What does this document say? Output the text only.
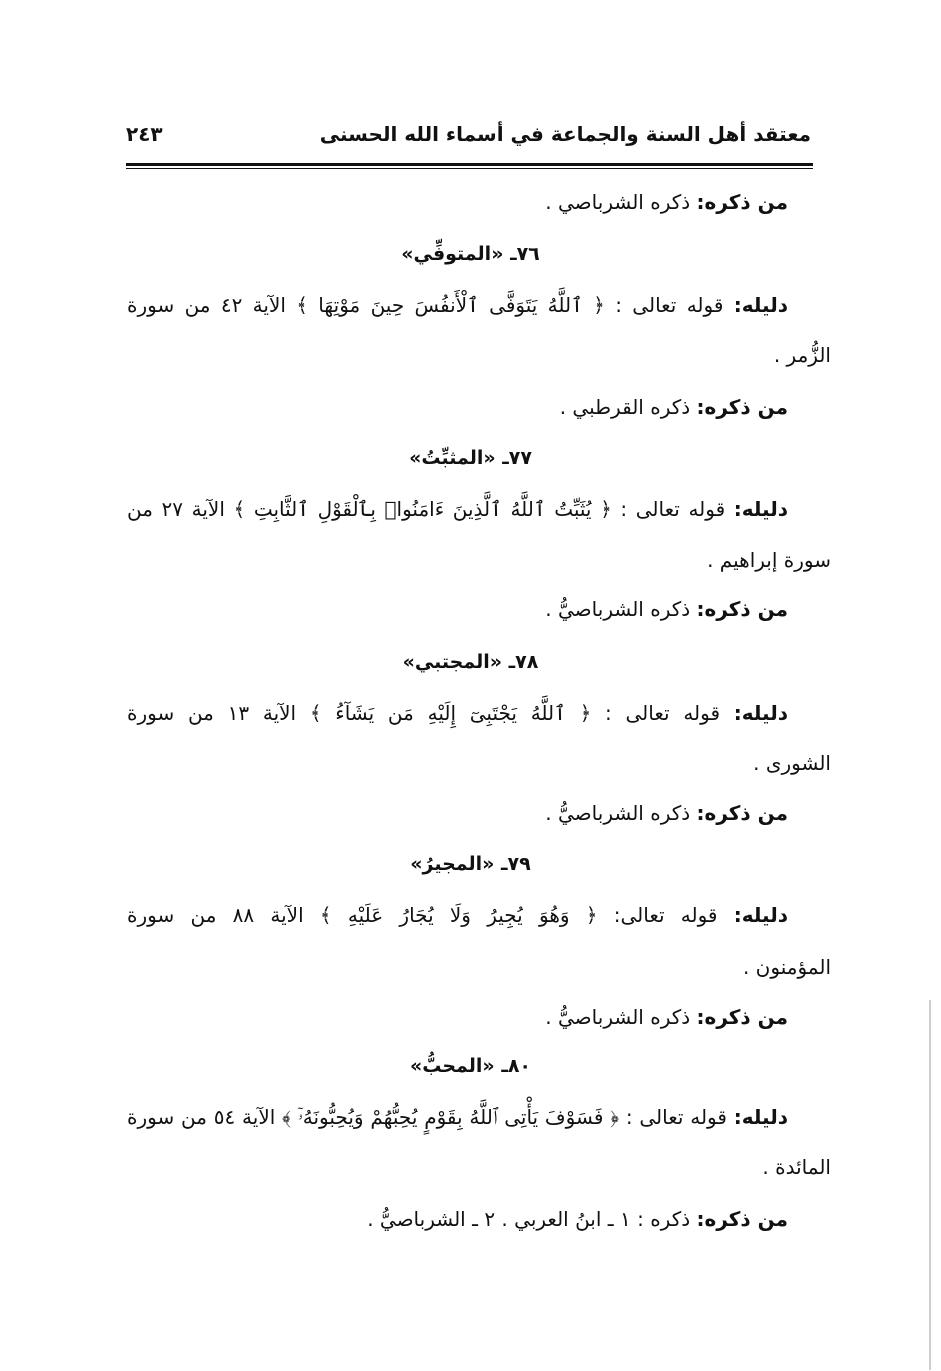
معتقد أهل السنة والجماعة في أسماء الله الحسنى
٢٤٣
من ذكره: ذكره الشرباصي .
٧٦ـ «المتوفِّي»
دليله: قوله تعالى : ﴿ ٱللَّهُ يَتَوَفَّى ٱلْأَنفُسَ حِينَ مَوْتِهَا ﴾ الآية ٤٢ من سورة
الزُّمر .
من ذكره: ذكره القرطبي .
٧٧ـ «المثبِّتُ»
دليله: قوله تعالى : ﴿ يُثَبِّتُ ٱللَّهُ ٱلَّذِينَ ءَامَنُوا۟ بِٱلْقَوْلِ ٱلثَّابِتِ ﴾ الآية ٢٧ من
سورة إبراهيم .
من ذكره: ذكره الشرباصيُّ .
٧٨ـ «المجتبي»
دليله: قوله تعالى : ﴿ ٱللَّهُ يَجْتَبِىٓ إِلَيْهِ مَن يَشَآءُ ﴾ الآية ١٣ من سورة
الشورى .
من ذكره: ذكره الشرباصيُّ .
٧٩ـ «المجيرُ»
دليله: قوله تعالى: ﴿ وَهُوَ يُجِيرُ وَلَا يُجَارُ عَلَيْهِ ﴾ الآية ٨٨ من سورة
المؤمنون .
من ذكره: ذكره الشرباصيُّ .
٨٠ـ «المحبُّ»
دليله: قوله تعالى : ﴿ فَسَوْفَ يَأْتِى ٱللَّهُ بِقَوْمٍ يُحِبُّهُمْ وَيُحِبُّونَهُۥٓ ﴾ الآية ٥٤ من سورة
المائدة .
من ذكره: ذكره : ١ ـ ابنُ العربي . ٢ ـ الشرباصيُّ .
